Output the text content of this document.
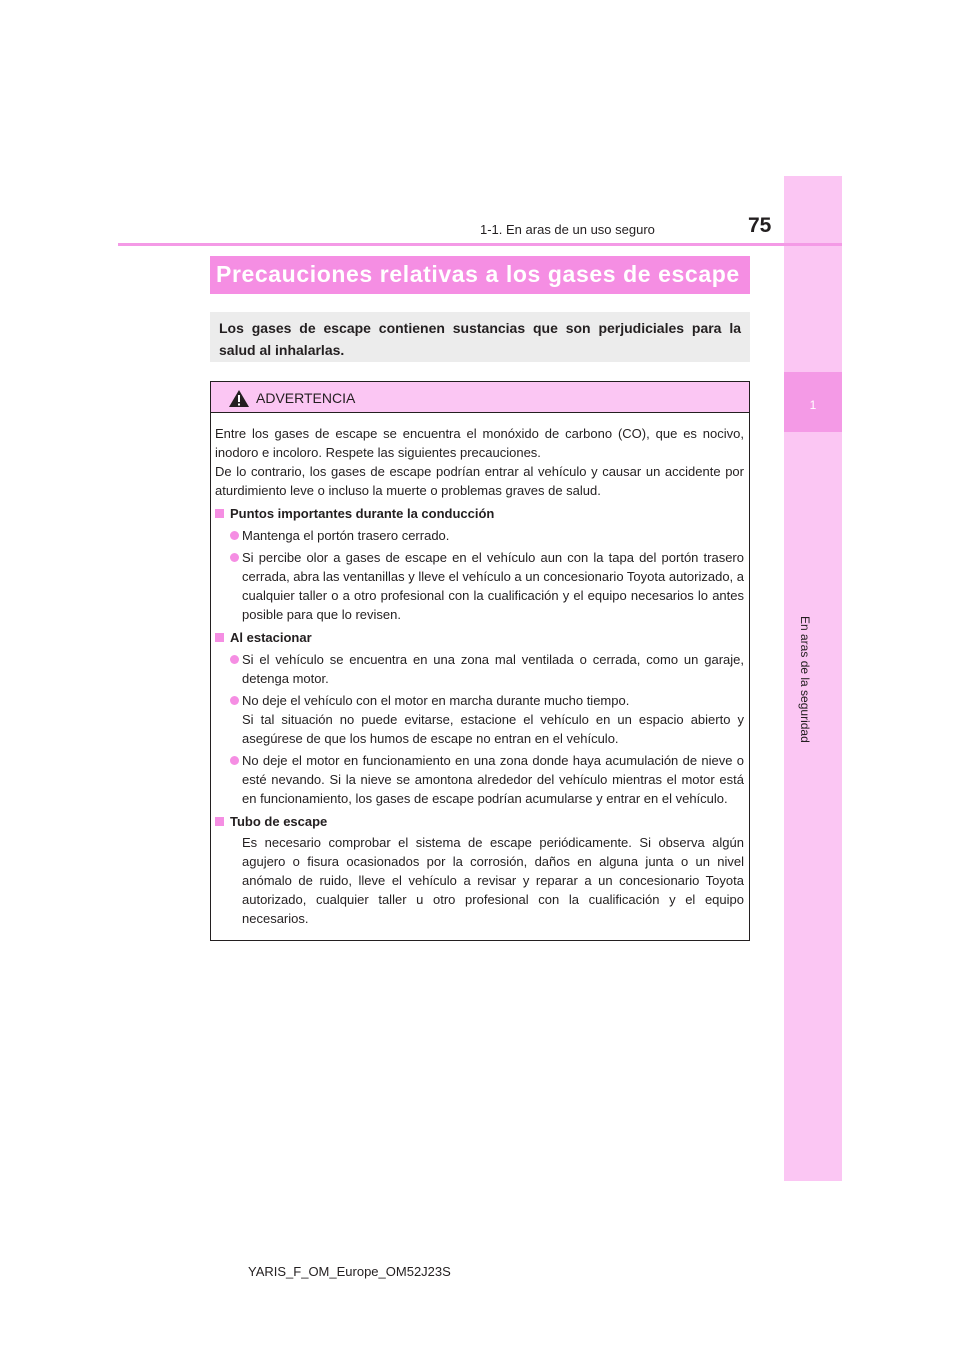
1
En aras de la seguridad
1-1. En aras de un uso seguro	75
Precauciones relativas a los gases de escape
Los gases de escape contienen sustancias que son perjudiciales para la salud al inhalarlas.
ADVERTENCIA

Entre los gases de escape se encuentra el monóxido de carbono (CO), que es nocivo, inodoro e incoloro. Respete las siguientes precauciones.

De lo contrario, los gases de escape podrían entrar al vehículo y causar un accidente por aturdimiento leve o incluso la muerte o problemas graves de salud.

Puntos importantes durante la conducción

Mantenga el portón trasero cerrado.

Si percibe olor a gases de escape en el vehículo aun con la tapa del portón trasero cerrada, abra las ventanillas y lleve el vehículo a un concesionario Toyota autorizado, a cualquier taller o a otro profesional con la cualificación y el equipo necesarios lo antes posible para que lo revisen.

Al estacionar

Si el vehículo se encuentra en una zona mal ventilada o cerrada, como un garaje, detenga motor.

No deje el vehículo con el motor en marcha durante mucho tiempo.

Si tal situación no puede evitarse, estacione el vehículo en un espacio abierto y asegúrese de que los humos de escape no entran en el vehículo.

No deje el motor en funcionamiento en una zona donde haya acumulación de nieve o esté nevando. Si la nieve se amontona alrededor del vehículo mientras el motor está en funcionamiento, los gases de escape podrían acumularse y entrar en el vehículo.

Tubo de escape

Es necesario comprobar el sistema de escape periódicamente. Si observa algún agujero o fisura ocasionados por la corrosión, daños en alguna junta o un nivel anómalo de ruido, lleve el vehículo a revisar y reparar a un concesionario Toyota autorizado, cualquier taller u otro profesional con la cualificación y el equipo necesarios.

YARIS_F_OM_Europe_OM52J23S
